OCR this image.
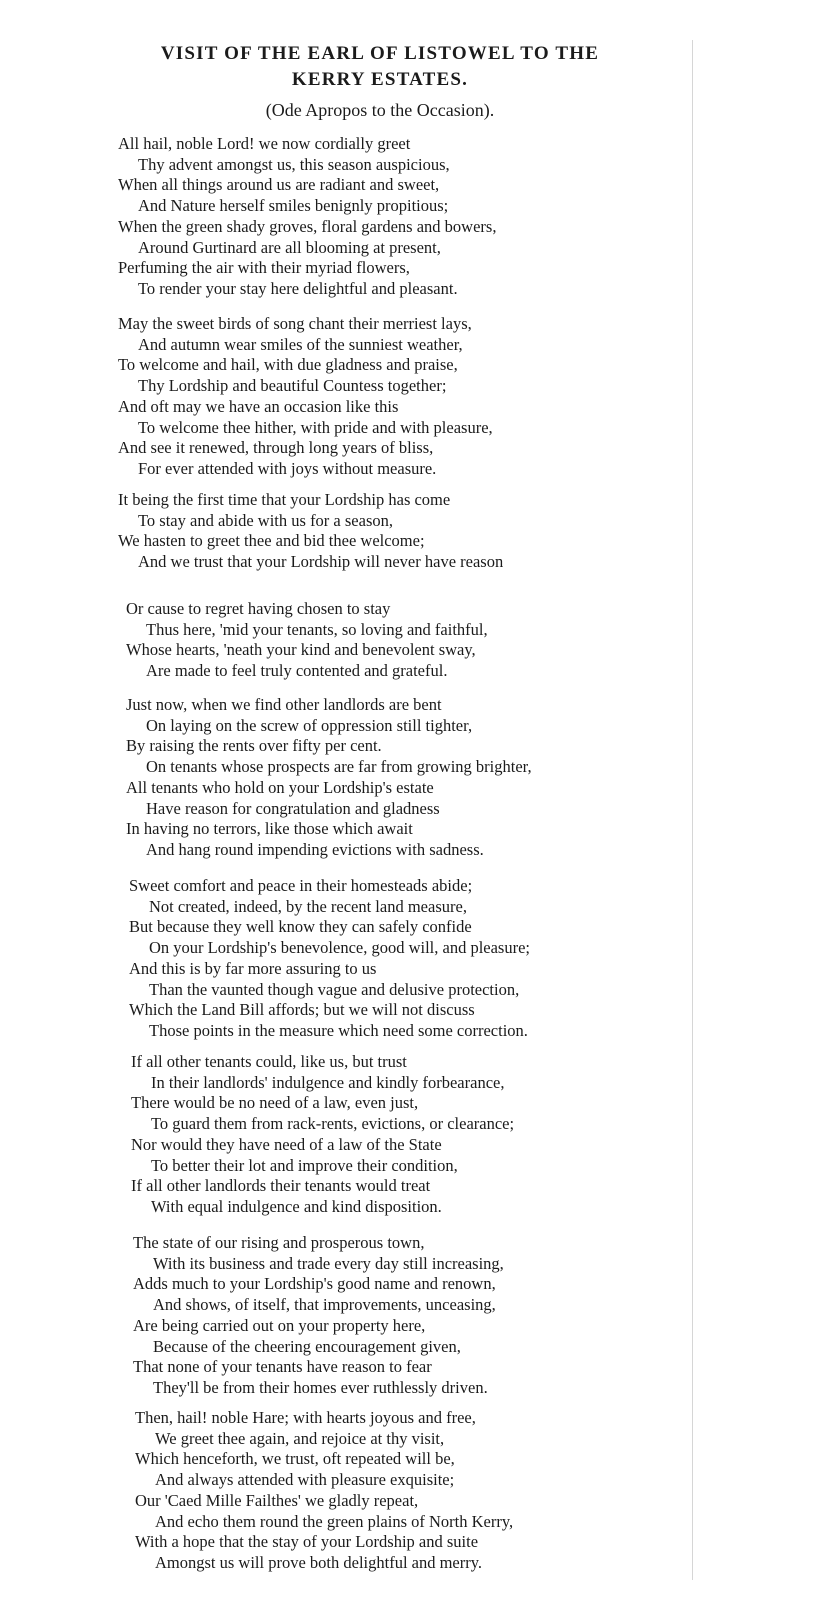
VISIT OF THE EARL OF LISTOWEL TO THE
KERRY ESTATES.
(Ode Apropos to the Occasion).
All hail, noble Lord! we now cordially greet
Thy advent amongst us, this season auspicious,
When all things around us are radiant and sweet,
And Nature herself smiles benignly propitious;
When the green shady groves, floral gardens and bowers,
Around Gurtinard are all blooming at present,
Perfuming the air with their myriad flowers,
To render your stay here delightful and pleasant.
May the sweet birds of song chant their merriest lays,
And autumn wear smiles of the sunniest weather,
To welcome and hail, with due gladness and praise,
Thy Lordship and beautiful Countess together;
And oft may we have an occasion like this
To welcome thee hither, with pride and with pleasure,
And see it renewed, through long years of bliss,
For ever attended with joys without measure.
It being the first time that your Lordship has come
To stay and abide with us for a season,
We hasten to greet thee and bid thee welcome;
And we trust that your Lordship will never have reason
Or cause to regret having chosen to stay
Thus here, 'mid your tenants, so loving and faithful,
Whose hearts, 'neath your kind and benevolent sway,
Are made to feel truly contented and grateful.
Just now, when we find other landlords are bent
On laying on the screw of oppression still tighter,
By raising the rents over fifty per cent.
On tenants whose prospects are far from growing brighter,
All tenants who hold on your Lordship's estate
Have reason for congratulation and gladness
In having no terrors, like those which await
And hang round impending evictions with sadness.
Sweet comfort and peace in their homesteads abide;
Not created, indeed, by the recent land measure,
But because they well know they can safely confide
On your Lordship's benevolence, good will, and pleasure;
And this is by far more assuring to us
Than the vaunted though vague and delusive protection,
Which the Land Bill affords; but we will not discuss
Those points in the measure which need some correction.
If all other tenants could, like us, but trust
In their landlords' indulgence and kindly forbearance,
There would be no need of a law, even just,
To guard them from rack-rents, evictions, or clearance;
Nor would they have need of a law of the State
To better their lot and improve their condition,
If all other landlords their tenants would treat
With equal indulgence and kind disposition.
The state of our rising and prosperous town,
With its business and trade every day still increasing,
Adds much to your Lordship's good name and renown,
And shows, of itself, that improvements, unceasing,
Are being carried out on your property here,
Because of the cheering encouragement given,
That none of your tenants have reason to fear
They'll be from their homes ever ruthlessly driven.
Then, hail! noble Hare; with hearts joyous and free,
We greet thee again, and rejoice at thy visit,
Which henceforth, we trust, oft repeated will be,
And always attended with pleasure exquisite;
Our 'Caed Mille Failthes' we gladly repeat,
And echo them round the green plains of North Kerry,
With a hope that the stay of your Lordship and suite
Amongst us will prove both delightful and merry.
